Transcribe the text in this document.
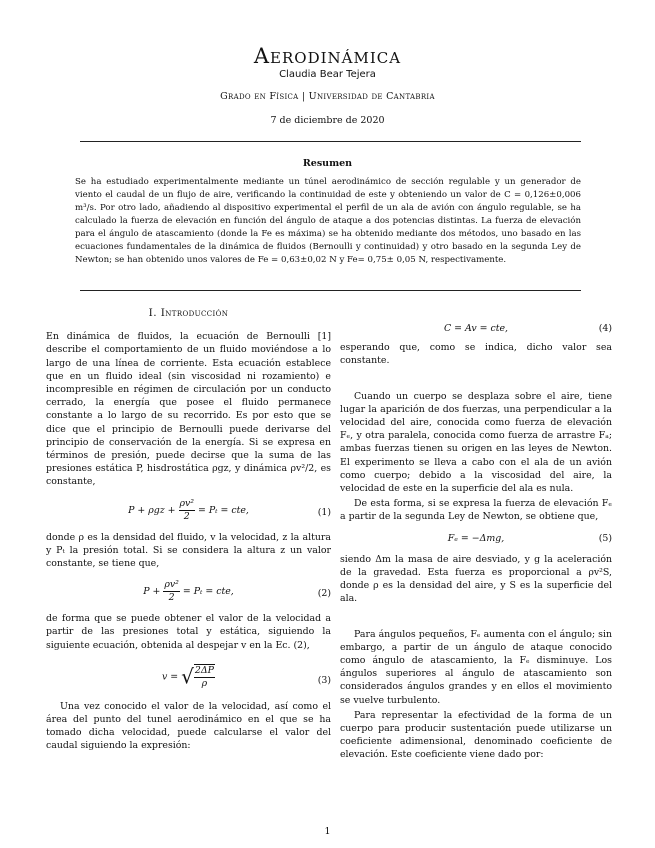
Aerodinámica
Claudia Bear Tejera
Grado en Física | Universidad de Cantabria
7 de diciembre de 2020
Resumen
Se ha estudiado experimentalmente mediante un túnel aerodinámico de sección regulable y un generador de viento el caudal de un flujo de aire, verificando la continuidad de este y obteniendo un valor de C = 0,126±0,006 m³/s. Por otro lado, añadiendo al dispositivo experimental el perfil de un ala de avión con ángulo regulable, se ha calculado la fuerza de elevación en función del ángulo de ataque a dos potencias distintas. La fuerza de elevación para el ángulo de atascamiento (donde la Fe es máxima) se ha obtenido mediante dos métodos, uno basado en las ecuaciones fundamentales de la dinámica de fluidos (Bernoulli y continuidad) y otro basado en la segunda Ley de Newton; se han obtenido unos valores de Fe = 0,63±0,02 N y Fe= 0,75± 0,05 N, respectivamente.
I. Introducción

En dinámica de fluidos, la ecuación de Bernoulli [1] describe el comportamiento de un fluido moviéndose a lo largo de una línea de corriente. Esta ecuación establece que en un fluido ideal (sin viscosidad ni rozamiento) e incompresible en régimen de circulación por un conducto cerrado, la energía que posee el fluido permanece constante a lo largo de su recorrido. Es por esto que se dice que el principio de Bernoulli puede derivarse del principio de conservación de la energía. Si se expresa en términos de presión, puede decirse que la suma de las presiones estática P, hisdrostática ρgz, y dinámica ρv²/2, es constante,

$P + \rho gz + \frac{\text{ρv²}}{2} = P_t$ = cte,	(1)

donde ρ es la densidad del fluido, v la velocidad, z la altura y Pₜ la presión total. Si se considera la altura z un valor constante, se tiene que,

$P + \frac{\text{ρv²}}{2} = P_t$ = cte,	(2)

de forma que se puede obtener el valor de la velocidad a partir de las presiones total y estática, siguiendo la siguiente ecuación, obtenida al despejar v en la Ec. (2),

v = √ $\frac{2\Delta P}{\rho}$	(3)

Una vez conocido el valor de la velocidad, así como el área del punto del tunel aerodinámico en el que se ha tomado dicha velocidad, puede calcularse el valor del caudal siguiendo la expresión:

C = Av = cte,	(4)

esperando que, como se indica, dicho valor sea constante.

Cuando un cuerpo se desplaza sobre el aire, tiene lugar la aparición de dos fuerzas, una perpendicular a la velocidad del aire, conocida como fuerza de elevación Fₑ, y otra paralela, conocida como fuerza de arrastre Fₐ; ambas fuerzas tienen su origen en las leyes de Newton. El experimento se lleva a cabo con el ala de un avión como cuerpo; debido a la viscosidad del aire, la velocidad de este en la superficie del ala es nula.

De esta forma, si se expresa la fuerza de elevación Fₑ a partir de la segunda Ley de Newton, se obtiene que,

Fₑ = −Δmg,	(5)

siendo Δm la masa de aire desviado, y g la aceleración de la gravedad. Esta fuerza es proporcional a ρv²S, donde ρ es la densidad del aire, y S es la superficie del ala.

Para ángulos pequeños, Fₑ aumenta con el ángulo; sin embargo, a partir de un ángulo de ataque conocido como ángulo de atascamiento, la Fₑ disminuye. Los ángulos superiores al ángulo de atascamiento son considerados ángulos grandes y en ellos el movimiento se vuelve turbulento.

Para representar la efectividad de la forma de un cuerpo para producir sustentación puede utilizarse un coeficiente adimensional, denominado coeficiente de elevación. Este coeficiente viene dado por:

1
